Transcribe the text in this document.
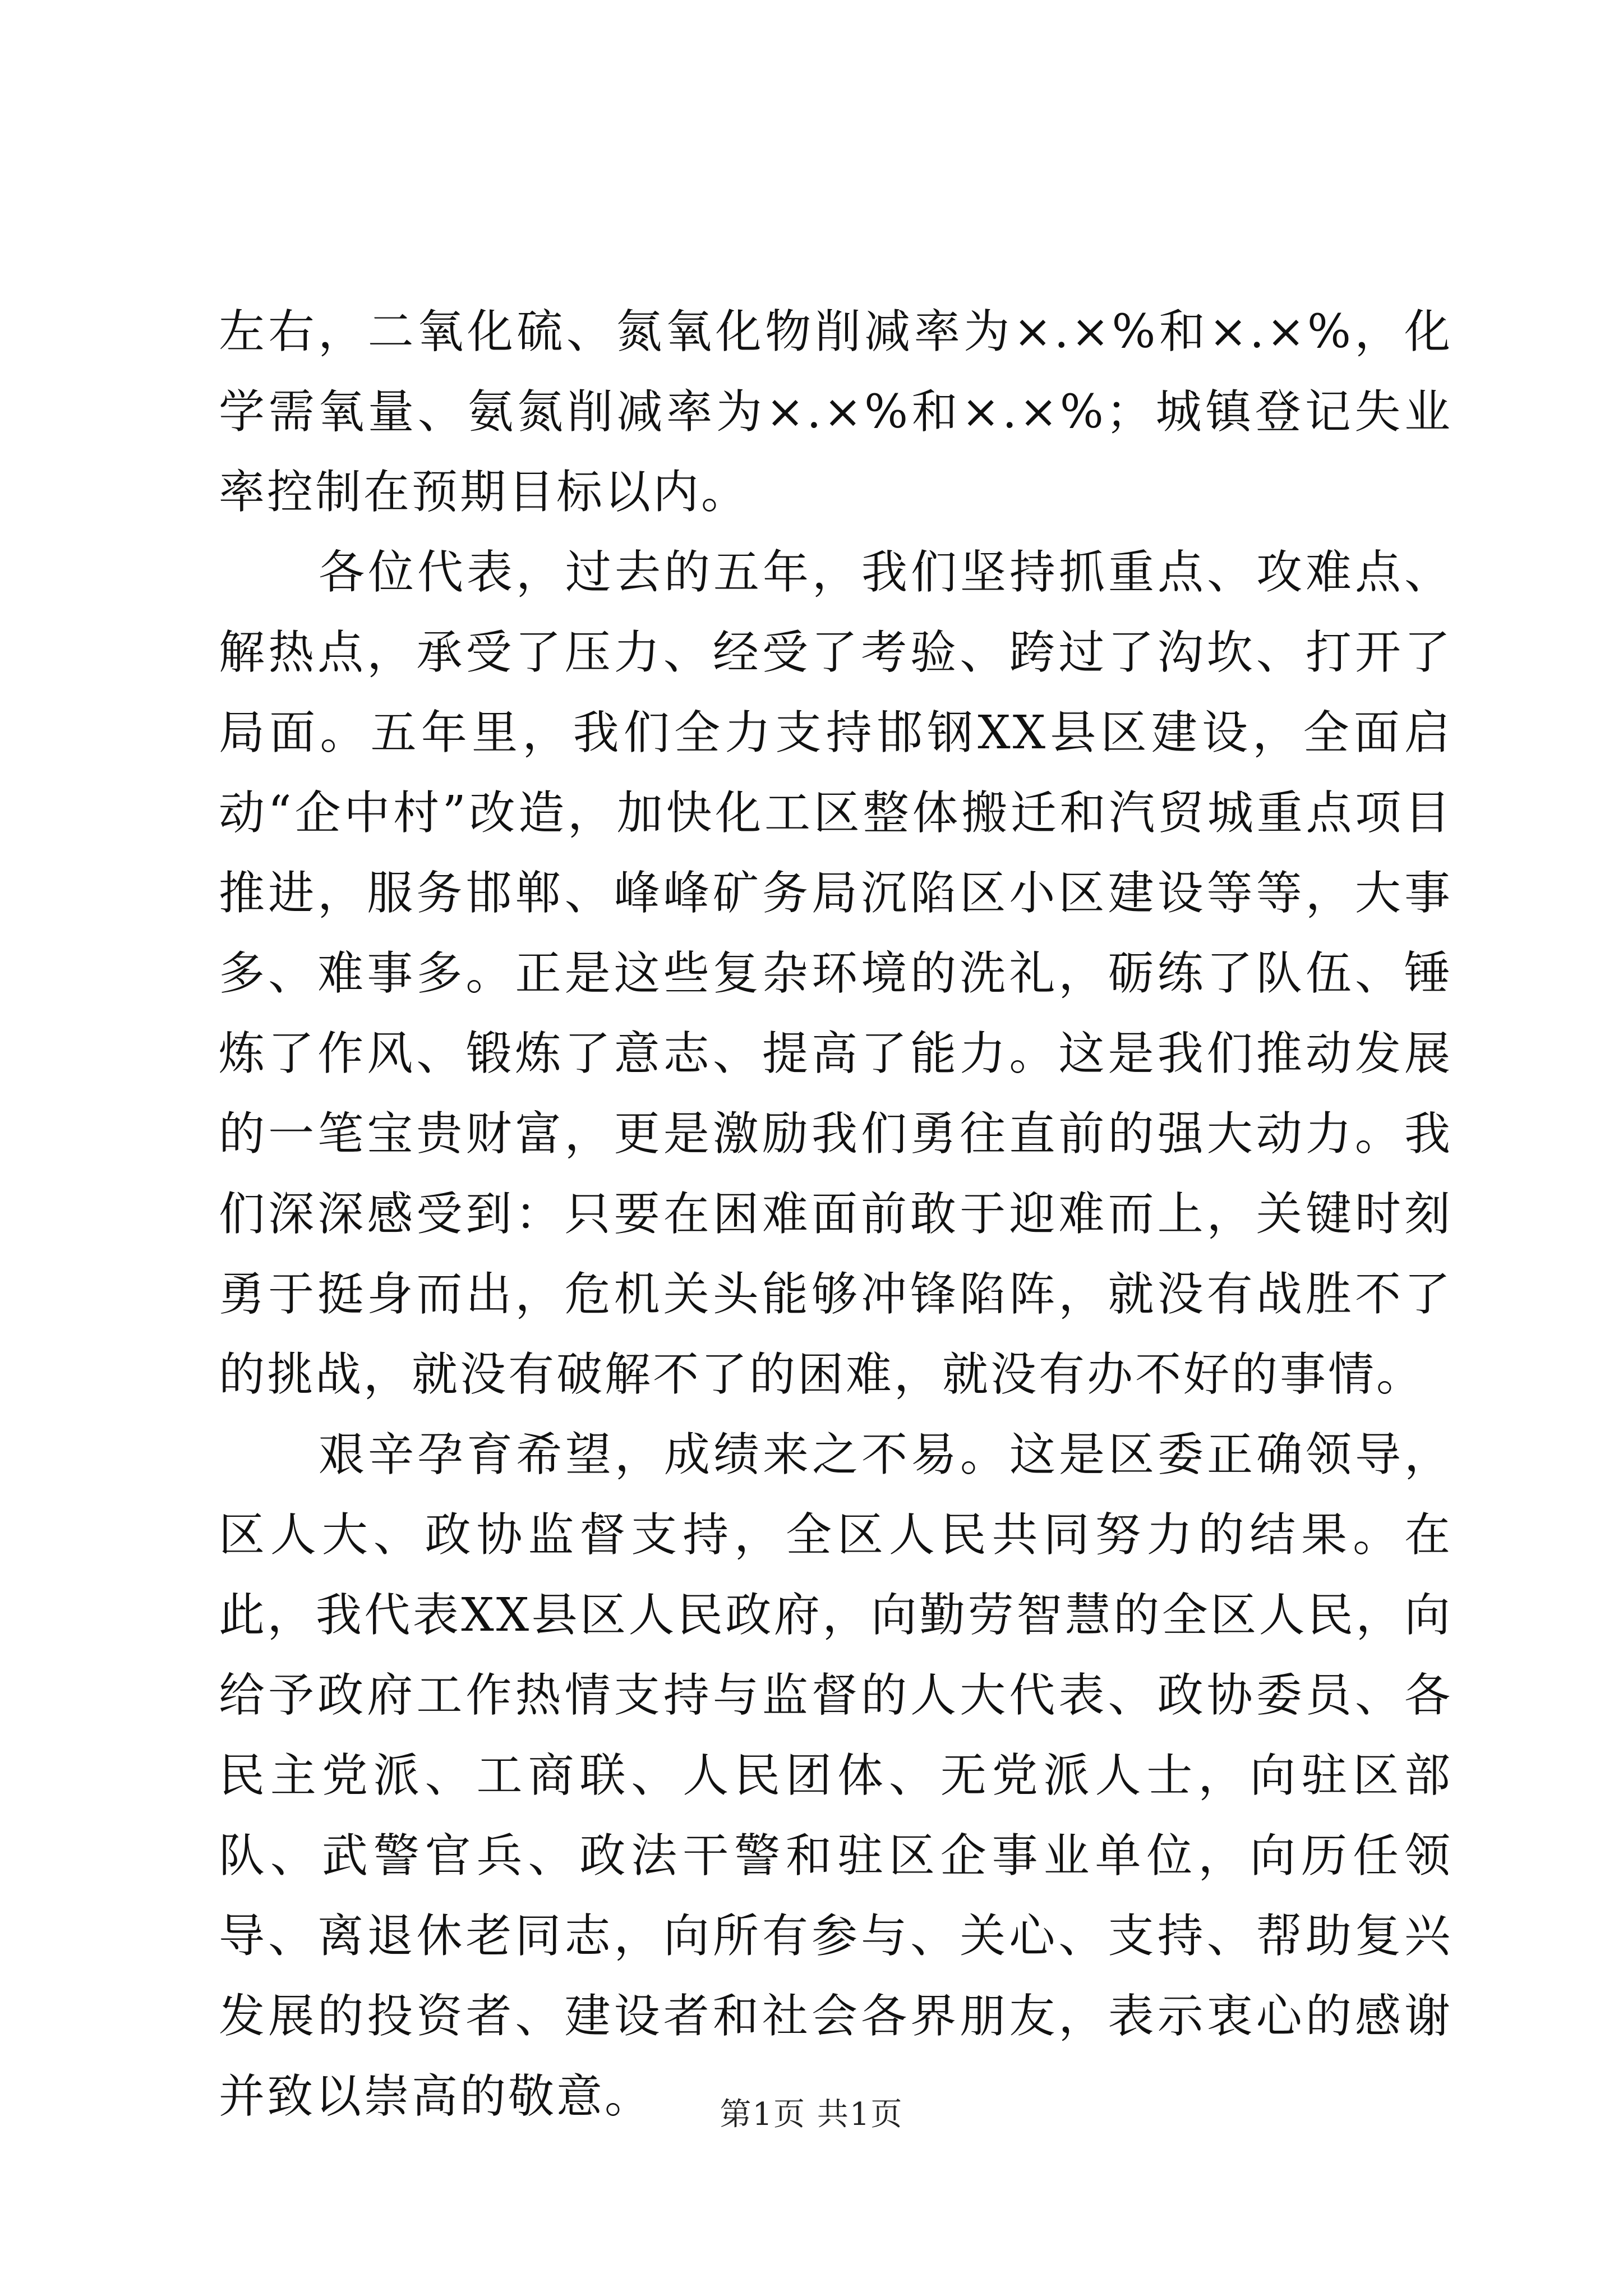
左右，二氧化硫、氮氧化物削减率为×.×%和×.×%，化学需氧量、氨氮削减率为×.×%和×.×%；城镇登记失业率控制在预期目标以内。

各位代表，过去的五年，我们坚持抓重点、攻难点、解热点，承受了压力、经受了考验、跨过了沟坎、打开了局面。五年里，我们全力支持邯钢XX县区建设，全面启动“企中村”改造，加快化工区整体搬迁和汽贸城重点项目推进，服务邯郸、峰峰矿务局沉陷区小区建设等等，大事多、难事多。正是这些复杂环境的洗礼，砺练了队伍、锤炼了作风、锻炼了意志、提高了能力。这是我们推动发展的一笔宝贵财富，更是激励我们勇往直前的强大动力。我们深深感受到：只要在困难面前敢于迎难而上，关键时刻勇于挺身而出，危机关头能够冲锋陷阵，就没有战胜不了的挑战，就没有破解不了的困难，就没有办不好的事情。

艰辛孕育希望，成绩来之不易。这是区委正确领导，区人大、政协监督支持，全区人民共同努力的结果。在此，我代表XX县区人民政府，向勤劳智慧的全区人民，向给予政府工作热情支持与监督的人大代表、政协委员、各民主党派、工商联、人民团体、无党派人士，向驻区部队、武警官兵、政法干警和驻区企事业单位，向历任领导、离退休老同志，向所有参与、关心、支持、帮助复兴发展的投资者、建设者和社会各界朋友，表示衷心的感谢并致以崇高的敬意。	第1页 共1页
